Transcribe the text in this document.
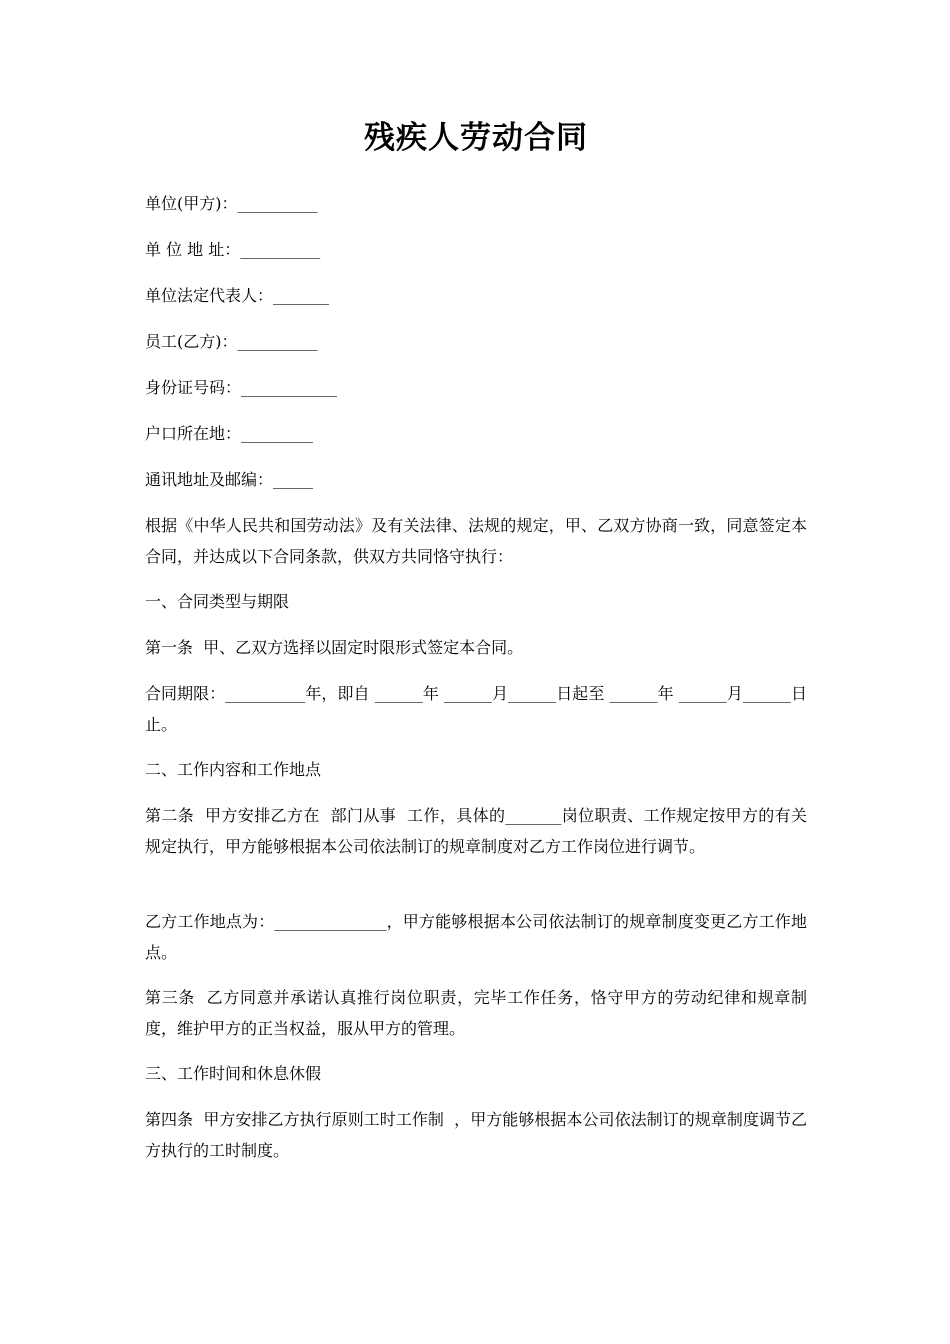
残疾人劳动合同

单位(甲方)：__________

单 位 地 址：__________

单位法定代表人：_______

员工(乙方)：__________

身份证号码：____________

户口所在地：_________

通讯地址及邮编：_____

根据《中华人民共和国劳动法》及有关法律、法规的规定，甲、乙双方协商一致，同意签定本合同，并达成以下合同条款，供双方共同恪守执行：

一、合同类型与期限

第一条  甲、乙双方选择以固定时限形式签定本合同。

合同期限：__________年，即自 ______年 ______月______日起至 ______年 ______月______日止。

二、工作内容和工作地点

第二条  甲方安排乙方在  部门从事  工作，具体的_______岗位职责、工作规定按甲方的有关规定执行，甲方能够根据本公司依法制订的规章制度对乙方工作岗位进行调节。

乙方工作地点为：______________，甲方能够根据本公司依法制订的规章制度变更乙方工作地点。

第三条  乙方同意并承诺认真推行岗位职责，完毕工作任务，恪守甲方的劳动纪律和规章制度，维护甲方的正当权益，服从甲方的管理。

三、工作时间和休息休假

第四条  甲方安排乙方执行原则工时工作制  ，甲方能够根据本公司依法制订的规章制度调节乙方执行的工时制度。
